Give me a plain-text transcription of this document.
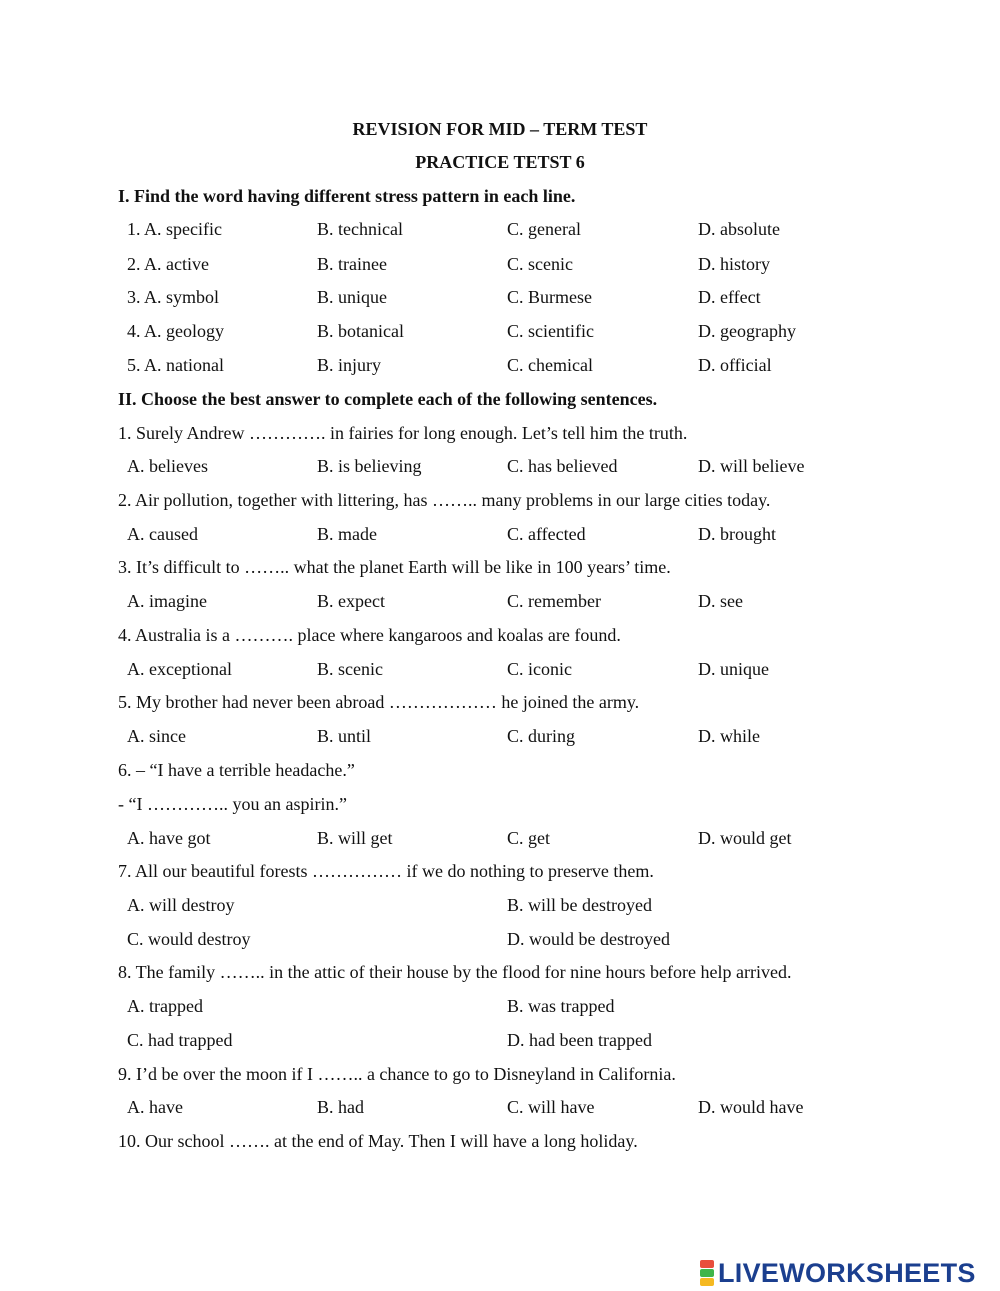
REVISION FOR MID – TERM TEST
PRACTICE TETST 6
I. Find the word having different stress pattern in each line.
1. A. specific	B. technical	C. general	D. absolute
2. A. active	B. trainee	C. scenic	D. history
3. A. symbol	B. unique	C. Burmese	D. effect
4. A. geology	B. botanical	C. scientific	D. geography
5. A. national	B. injury	C. chemical	D. official
II. Choose the best answer to complete each of the following sentences.
1. Surely Andrew …………. in fairies for long enough. Let’s tell him the truth.
A. believes	B. is believing	C. has believed	D. will believe
2. Air pollution, together with littering, has …….. many problems in our large cities today.
A. caused	B. made	C. affected	D. brought
3. It’s difficult to …….. what the planet Earth will be like in 100 years’ time.
A. imagine	B. expect	C. remember	D. see
4. Australia is a ………. place where kangaroos and koalas are found.
A. exceptional	B. scenic	C. iconic	D. unique
5. My brother had never been abroad ……………… he joined the army.
A. since	B. until	C. during	D. while
6. – “I have a terrible headache.”
- “I ………….. you an aspirin.”
A. have got	B. will get	C. get	D. would get
7. All our beautiful forests …………… if we do nothing to preserve them.
A. will destroy	B. will be destroyed
C. would destroy	D. would be destroyed
8. The family …….. in the attic of their house by the flood for nine hours before help arrived.
A. trapped	B. was trapped
C. had trapped	D. had been trapped
9. I’d be over the moon if I …….. a chance to go to Disneyland in California.
A. have	B. had	C. will have	D. would have
10. Our school ……. at the end of May. Then I will have a long holiday.
LIVEWORKSHEETS
